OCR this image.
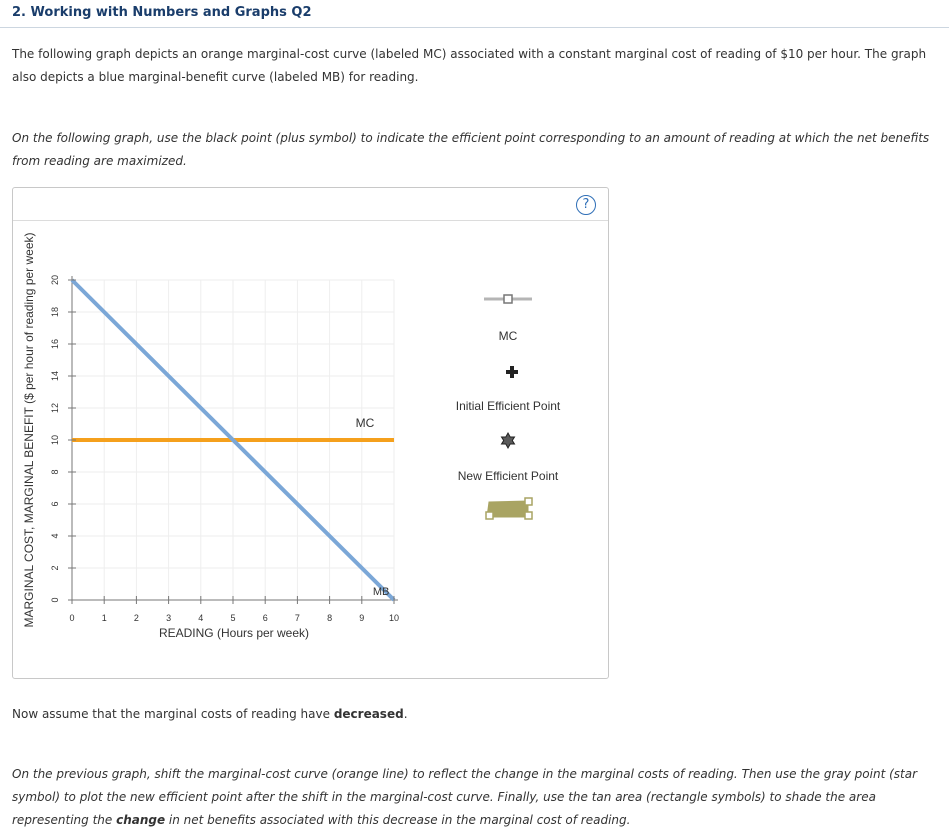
2. Working with Numbers and Graphs Q2
The following graph depicts an orange marginal-cost curve (labeled MC) associated with a constant marginal cost of reading of $10 per hour. The graph also depicts a blue marginal-benefit curve (labeled MB) for reading.
On the following graph, use the black point (plus symbol) to indicate the efficient point corresponding to an amount of reading at which the net benefits from reading are maximized.
?
MC
MB
0	1	2	3	4	5	6	7	8	9	10
0
2
4
6
8
10
12
14
16
18
20
MARGINAL COST, MARGINAL BENEFIT ($ per hour of reading per week)
READING (Hours per week)
MC
Initial Efficient Point
New Efficient Point
Now assume that the marginal costs of reading have decreased.
On the previous graph, shift the marginal-cost curve (orange line) to reflect the change in the marginal costs of reading. Then use the gray point (star symbol) to plot the new efficient point after the shift in the marginal-cost curve. Finally, use the tan area (rectangle symbols) to shade the area representing the change in net benefits associated with this decrease in the marginal cost of reading.
